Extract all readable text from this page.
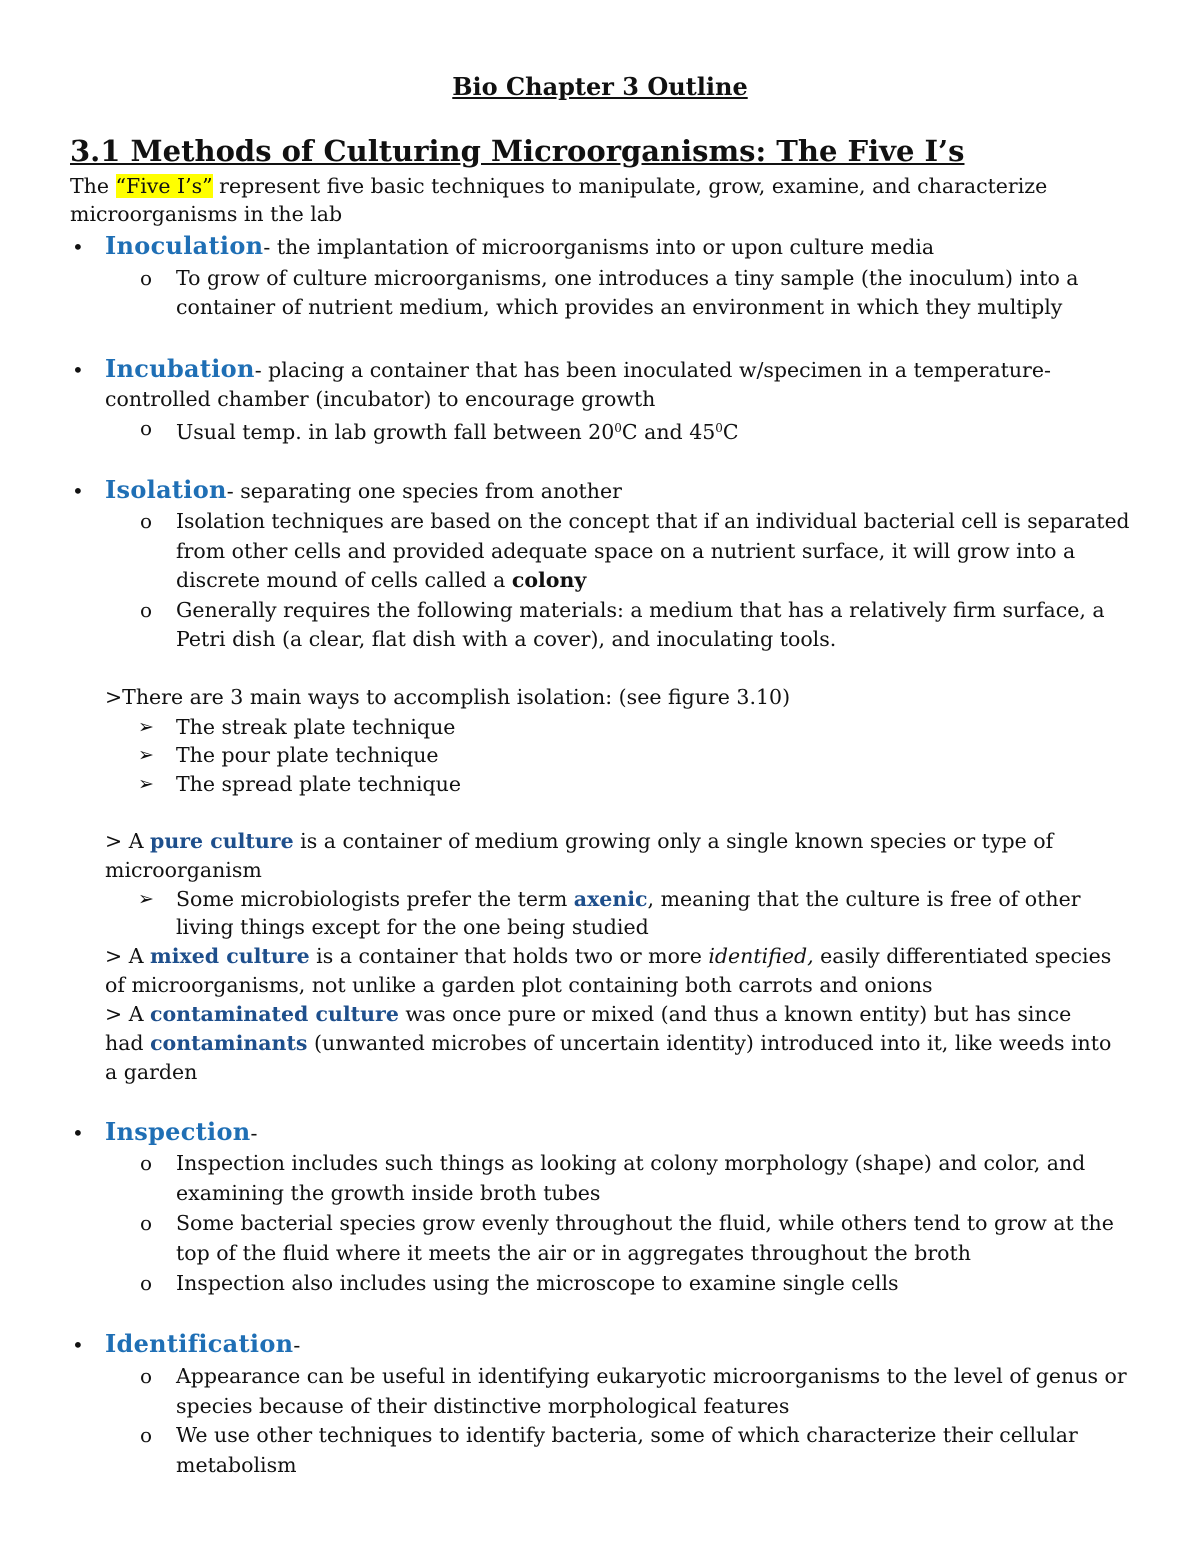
Bio Chapter 3 Outline
3.1 Methods of Culturing Microorganisms: The Five I’s
The “Five I’s” represent five basic techniques to manipulate, grow, examine, and characterize
microorganisms in the lab
• Inoculation- the implantation of microorganisms into or upon culture media
o To grow of culture microorganisms, one introduces a tiny sample (the inoculum) into a
container of nutrient medium, which provides an environment in which they multiply
• Incubation- placing a container that has been inoculated w/specimen in a temperature-
controlled chamber (incubator) to encourage growth
o Usual temp. in lab growth fall between $20^0C$ and $45^0C$
• Isolation- separating one species from another
o Isolation techniques are based on the concept that if an individual bacterial cell is separated
from other cells and provided adequate space on a nutrient surface, it will grow into a
discrete mound of cells called a colony
o Generally requires the following materials: a medium that has a relatively firm surface, a
Petri dish (a clear, flat dish with a cover), and inoculating tools.
>There are 3 main ways to accomplish isolation: (see figure 3.10)
➢ The streak plate technique
➢ The pour plate technique
➢ The spread plate technique
> A pure culture is a container of medium growing only a single known species or type of
microorganism
➢ Some microbiologists prefer the term axenic, meaning that the culture is free of other
living things except for the one being studied
> A mixed culture is a container that holds two or more identified, easily differentiated species
of microorganisms, not unlike a garden plot containing both carrots and onions
> A contaminated culture was once pure or mixed (and thus a known entity) but has since
had contaminants (unwanted microbes of uncertain identity) introduced into it, like weeds into
a garden
• Inspection-
o Inspection includes such things as looking at colony morphology (shape) and color, and
examining the growth inside broth tubes
o Some bacterial species grow evenly throughout the fluid, while others tend to grow at the
top of the fluid where it meets the air or in aggregates throughout the broth
o Inspection also includes using the microscope to examine single cells
• Identification-
o Appearance can be useful in identifying eukaryotic microorganisms to the level of genus or
species because of their distinctive morphological features
o We use other techniques to identify bacteria, some of which characterize their cellular
metabolism
